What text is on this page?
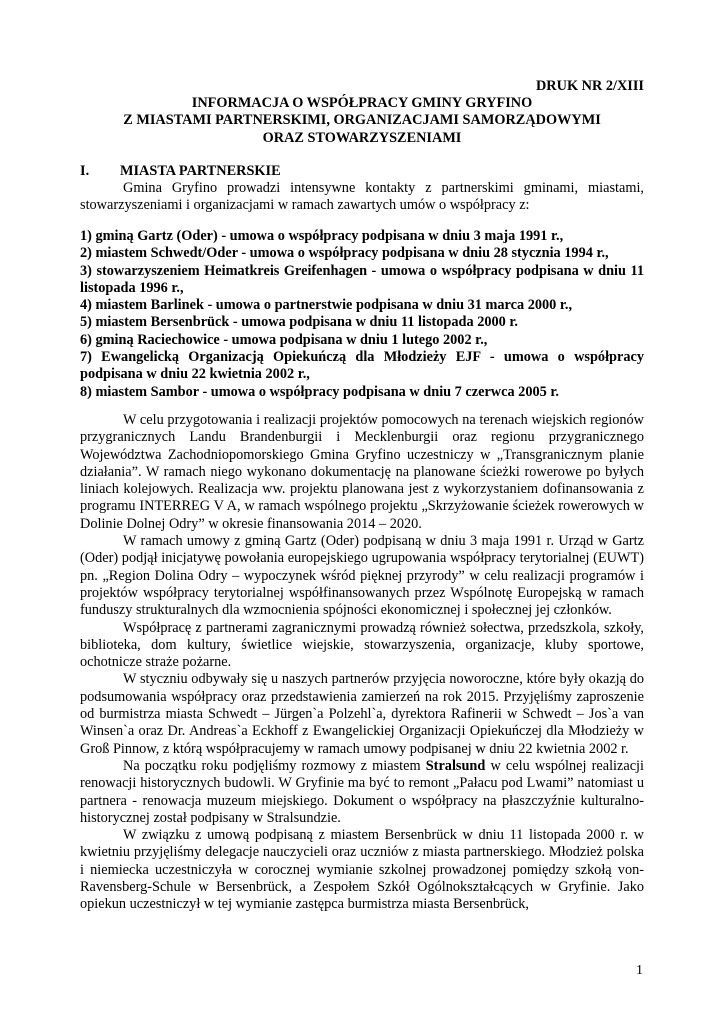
DRUK NR 2/XIII
INFORMACJA O WSPÓŁPRACY GMINY GRYFINO
Z MIASTAMI PARTNERSKIMI, ORGANIZACJAMI SAMORZĄDOWYMI
ORAZ STOWARZYSZENIAMI
I. MIASTA PARTNERSKIE

Gmina Gryfino prowadzi intensywne kontakty z partnerskimi gminami, miastami, stowarzyszeniami i organizacjami w ramach zawartych umów o współpracy z:

1) gminą Gartz (Oder) - umowa o współpracy podpisana w dniu 3 maja 1991 r.,
2) miastem Schwedt/Oder - umowa o współpracy podpisana w dniu 28 stycznia 1994 r.,
3) stowarzyszeniem Heimatkreis Greifenhagen - umowa o współpracy podpisana w dniu 11 listopada 1996 r.,
4) miastem Barlinek - umowa o partnerstwie podpisana w dniu 31 marca 2000 r.,
5) miastem Bersenbrück - umowa podpisana w dniu 11 listopada 2000 r.
6) gminą Raciechowice - umowa podpisana w dniu 1 lutego 2002 r.,
7) Ewangelicką Organizacją Opiekuńczą dla Młodzieży EJF - umowa o współpracy podpisana w dniu 22 kwietnia 2002 r.,
8) miastem Sambor - umowa o współpracy podpisana w dniu 7 czerwca 2005 r.

W celu przygotowania i realizacji projektów pomocowych na terenach wiejskich regionów przygranicznych Landu Brandenburgii i Mecklenburgii oraz regionu przygranicznego Województwa Zachodniopomorskiego Gmina Gryfino uczestniczy w „Transgranicznym planie działania”. W ramach niego wykonano dokumentację na planowane ścieżki rowerowe po byłych liniach kolejowych. Realizacja ww. projektu planowana jest z wykorzystaniem dofinansowania z programu INTERREG V A, w ramach wspólnego projektu „Skrzyżowanie ścieżek rowerowych w Dolinie Dolnej Odry” w okresie finansowania 2014 – 2020.

W ramach umowy z gminą Gartz (Oder) podpisaną w dniu 3 maja 1991 r. Urząd w Gartz (Oder) podjął inicjatywę powołania europejskiego ugrupowania współpracy terytorialnej (EUWT) pn. „Region Dolina Odry – wypoczynek wśród pięknej przyrody” w celu realizacji programów i projektów współpracy terytorialnej współfinansowanych przez Wspólnotę Europejską w ramach funduszy strukturalnych dla wzmocnienia spójności ekonomicznej i społecznej jej członków.

Współpracę z partnerami zagranicznymi prowadzą również sołectwa, przedszkola, szkoły, biblioteka, dom kultury, świetlice wiejskie, stowarzyszenia, organizacje, kluby sportowe, ochotnicze straże pożarne.

W styczniu odbywały się u naszych partnerów przyjęcia noworoczne, które były okazją do podsumowania współpracy oraz przedstawienia zamierzeń na rok 2015. Przyjęliśmy zaproszenie od burmistrza miasta Schwedt – Jürgen`a Polzehl`a, dyrektora Rafinerii w Schwedt – Jos`a van Winsen`a oraz Dr. Andreas`a Eckhoff z Ewangelickiej Organizacji Opiekuńczej dla Młodzieży w Groß Pinnow, z którą współpracujemy w ramach umowy podpisanej w dniu 22 kwietnia 2002 r.

Na początku roku podjęliśmy rozmowy z miastem Stralsund w celu wspólnej realizacji renowacji historycznych budowli. W Gryfinie ma być to remont „Pałacu pod Lwami” natomiast u partnera - renowacja muzeum miejskiego. Dokument o współpracy na płaszczyźnie kulturalno-historycznej został podpisany w Stralsundzie.

W związku z umową podpisaną z miastem Bersenbrück w dniu 11 listopada 2000 r. w kwietniu przyjęliśmy delegacje nauczycieli oraz uczniów z miasta partnerskiego. Młodzież polska i niemiecka uczestniczyła w corocznej wymianie szkolnej prowadzonej pomiędzy szkołą von-Ravensberg-Schule w Bersenbrück, a Zespołem Szkół Ogólnokształcących w Gryfinie. Jako opiekun uczestniczył w tej wymianie zastępca burmistrza miasta Bersenbrück,

1
